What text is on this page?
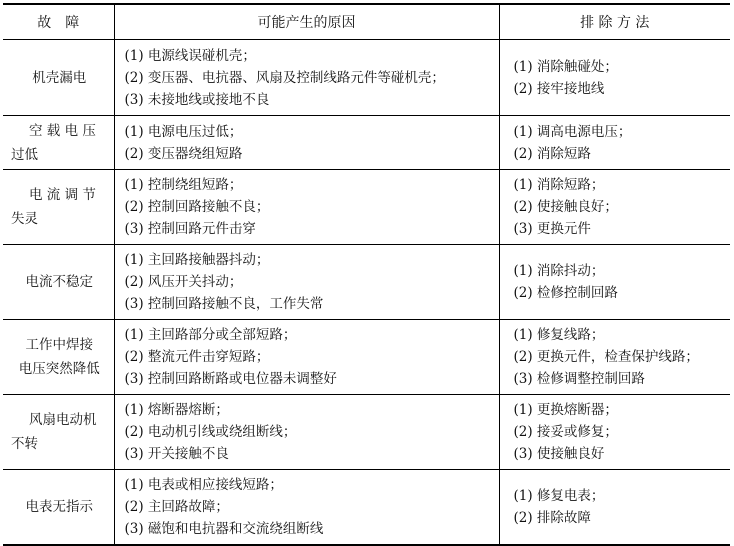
故　障	可能产生的原因	排 除 方 法

机壳漏电	(1) 电源线误碰机壳；
(2) 变压器、电抗器、风扇及控制线路元件等碰机壳；
(3) 未接地线或接地不良	(1) 消除触碰处；
(2) 接牢接地线

空 载 电 压
过低	(1) 电源电压过低；
(2) 变压器绕组短路	(1) 调高电源电压；
(2) 消除短路

电 流 调 节
失灵	(1) 控制绕组短路；
(2) 控制回路接触不良；
(3) 控制回路元件击穿	(1) 消除短路；
(2) 使接触良好；
(3) 更换元件

电流不稳定	(1) 主回路接触器抖动；
(2) 风压开关抖动；
(3) 控制回路接触不良，工作失常	(1) 消除抖动；
(2) 检修控制回路

工作中焊接
电压突然降低	(1) 主回路部分或全部短路；
(2) 整流元件击穿短路；
(3) 控制回路断路或电位器未调整好	(1) 修复线路；
(2) 更换元件，检查保护线路；
(3) 检修调整控制回路

风扇电动机
不转	(1) 熔断器熔断；
(2) 电动机引线或绕组断线；
(3) 开关接触不良	(1) 更换熔断器；
(2) 接妥或修复；
(3) 使接触良好

电表无指示	(1) 电表或相应接线短路；
(2) 主回路故障；
(3) 磁饱和电抗器和交流绕组断线	(1) 修复电表；
(2) 排除故障
